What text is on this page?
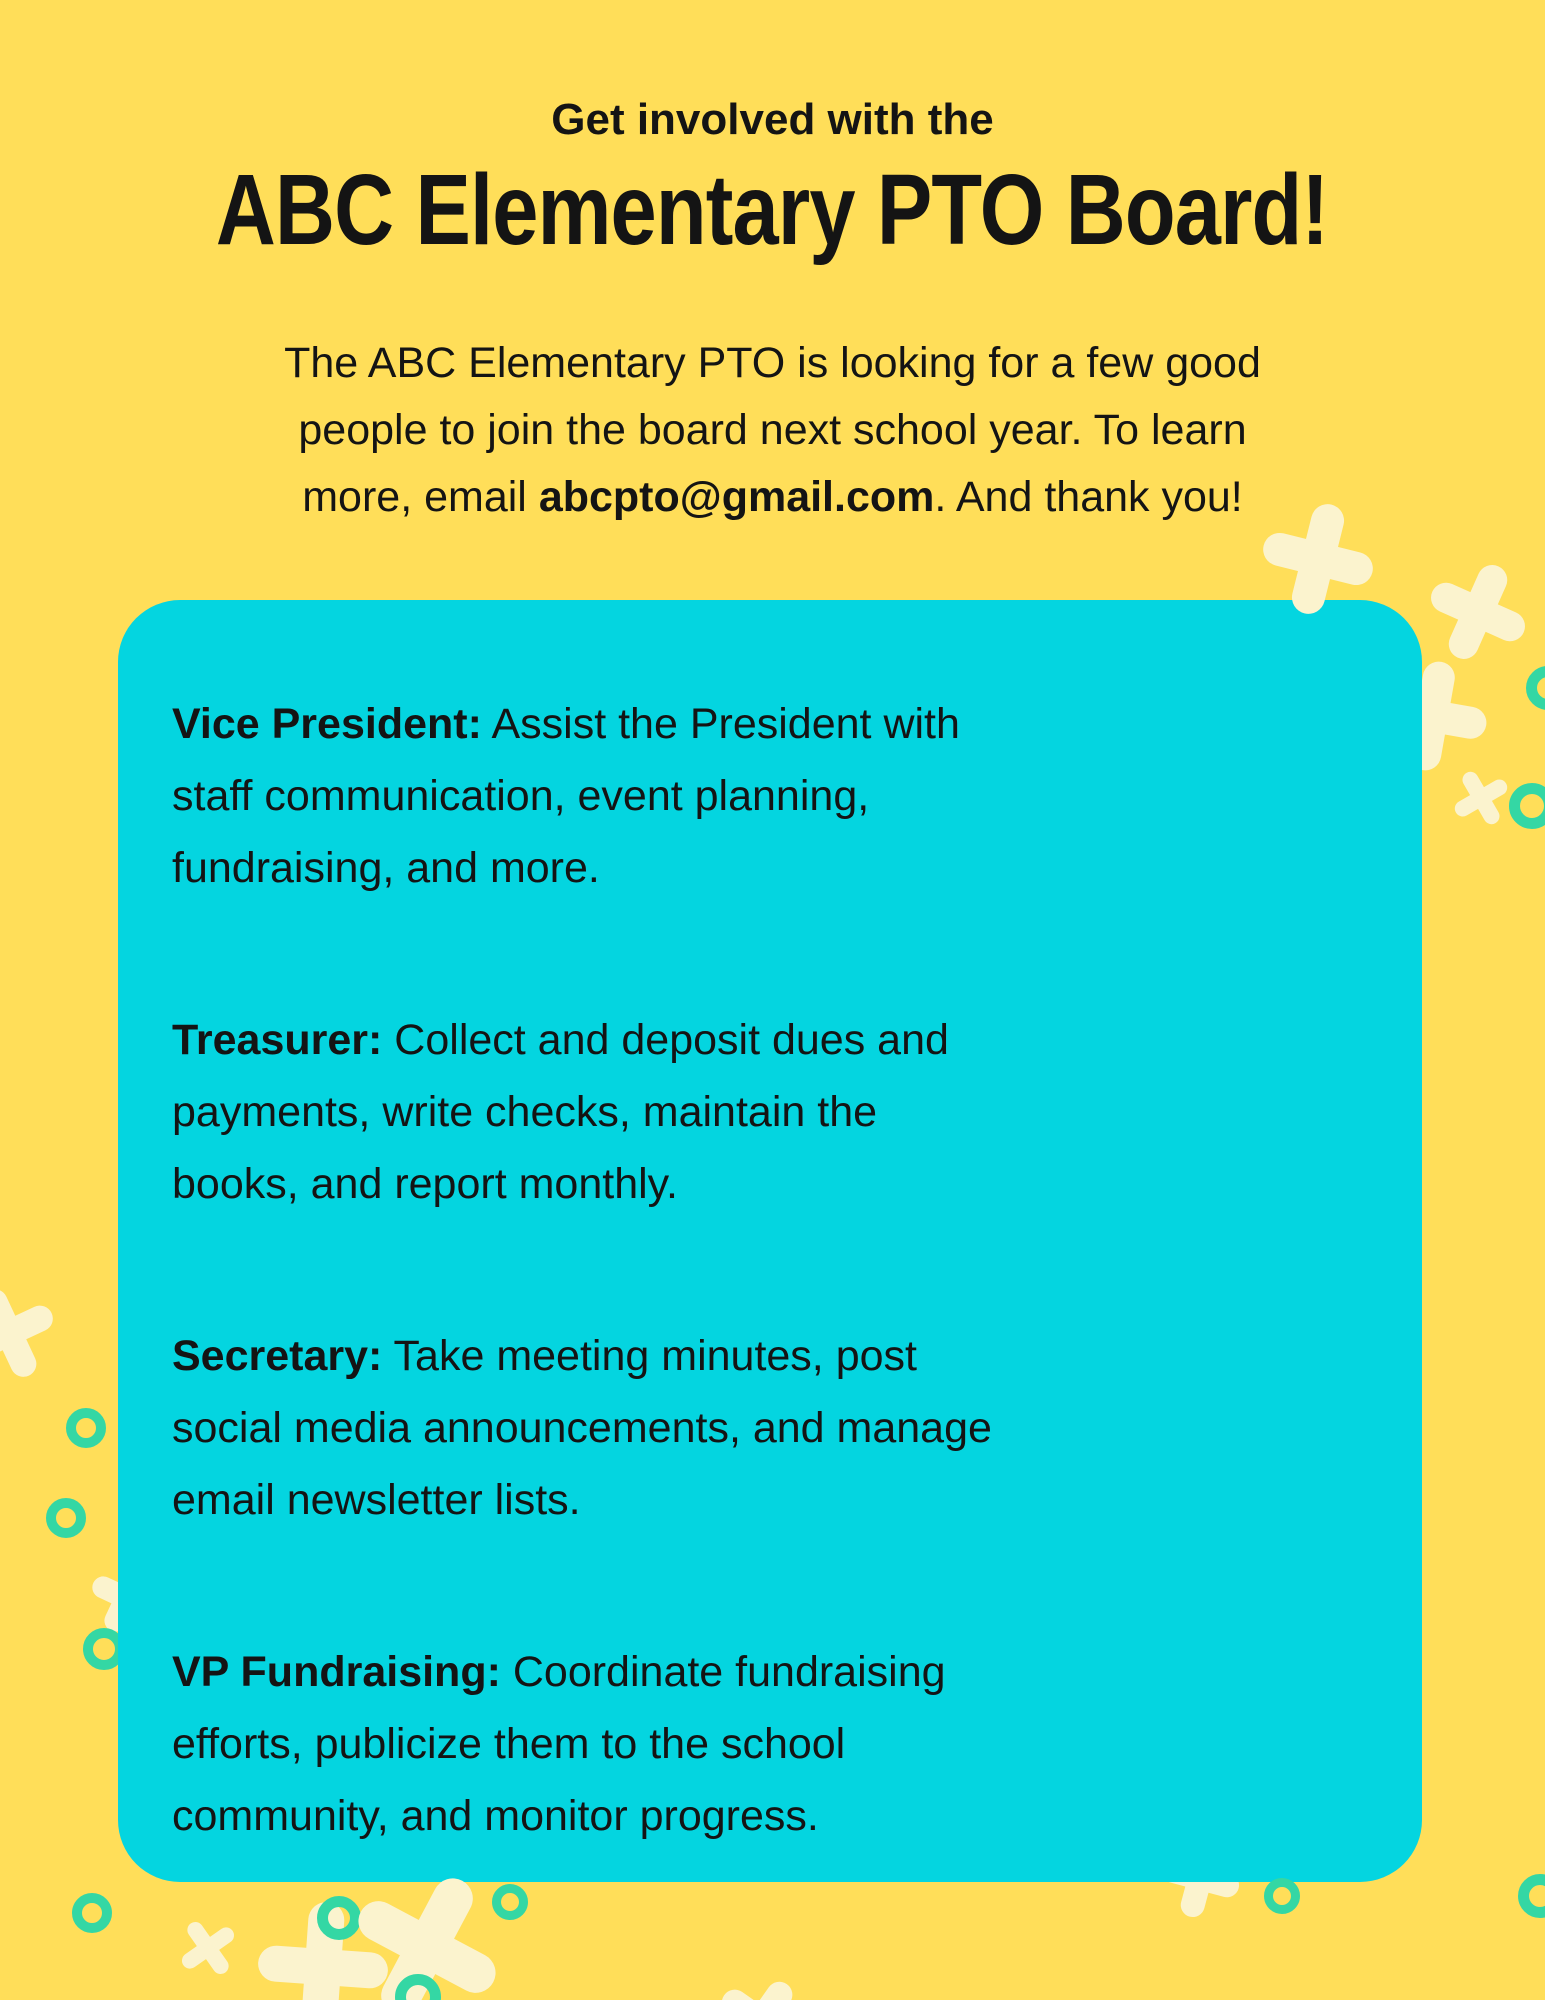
Get involved with the
ABC Elementary PTO Board!
The ABC Elementary PTO is looking for a few good
people to join the board next school year. To learn
more, email abcpto@gmail.com. And thank you!
Vice President: Assist the President with
staff communication, event planning,
fundraising, and more.
Treasurer: Collect and deposit dues and
payments, write checks, maintain the
books, and report monthly.
Secretary: Take meeting minutes, post
social media announcements, and manage
email newsletter lists.
VP Fundraising: Coordinate fundraising
efforts, publicize them to the school
community, and monitor progress.
